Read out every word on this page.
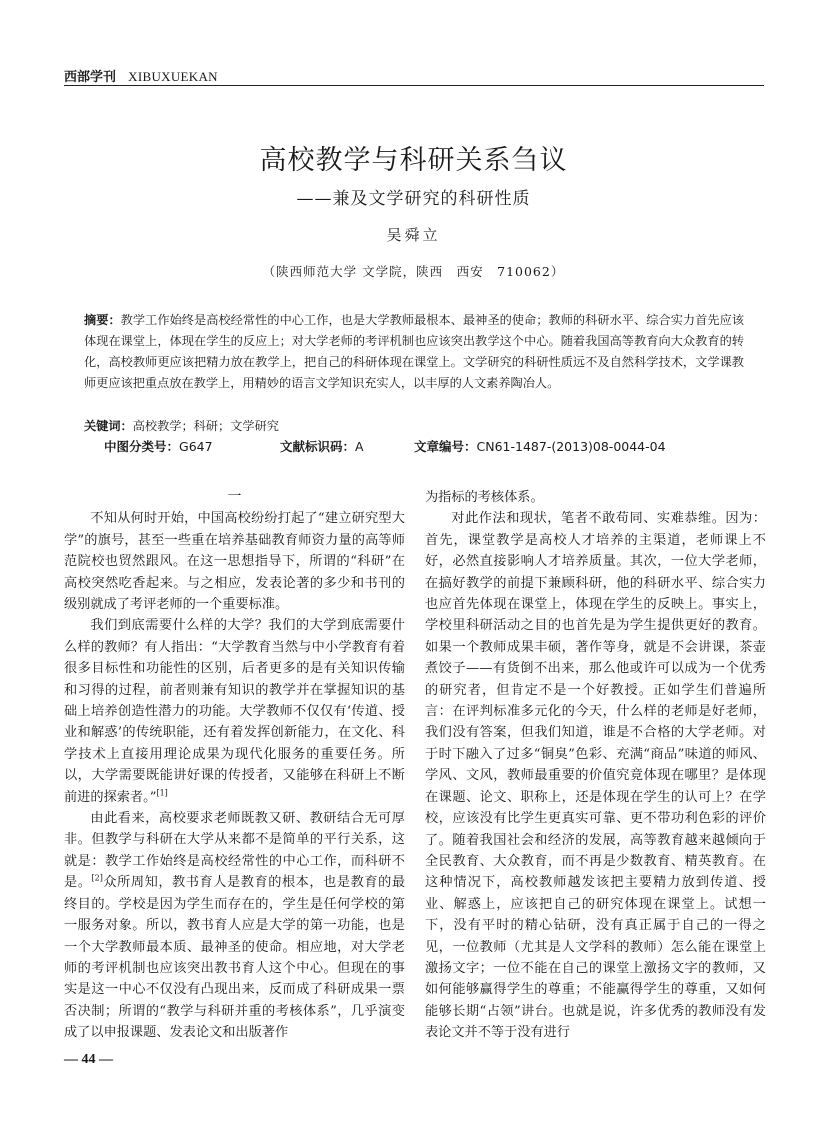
西部学刊 XIBUXUEKAN
高校教学与科研关系刍议
——兼及文学研究的科研性质
吴舜立
（陕西师范大学 文学院，陕西　西安　710062）
摘要：教学工作始终是高校经常性的中心工作，也是大学教师最根本、最神圣的使命；教师的科研水平、综合实力首先应该体现在课堂上，体现在学生的反应上；对大学老师的考评机制也应该突出教学这个中心。随着我国高等教育向大众教育的转化，高校教师更应该把精力放在教学上，把自己的科研体现在课堂上。文学研究的科研性质远不及自然科学技术，文学课教师更应该把重点放在教学上，用精妙的语言文学知识充实人，以丰厚的人文素养陶冶人。
关键词：高校教学；科研；文学研究
中图分类号：G647	文献标识码：A	文章编号：CN61-1487-(2013)08-0044-04
一

不知从何时开始，中国高校纷纷打起了“建立研究型大学”的旗号，甚至一些重在培养基础教育师资力量的高等师范院校也贸然跟风。在这一思想指导下，所谓的“科研”在高校突然吃香起来。与之相应，发表论著的多少和书刊的级别就成了考评老师的一个重要标准。

我们到底需要什么样的大学？我们的大学到底需要什么样的教师？有人指出：“大学教育当然与中小学教育有着很多目标性和功能性的区别，后者更多的是有关知识传输和习得的过程，前者则兼有知识的教学并在掌握知识的基础上培养创造性潜力的功能。大学教师不仅仅有‘传道、授业和解惑’的传统职能，还有着发挥创新能力，在文化、科学技术上直接用理论成果为现代化服务的重要任务。所以，大学需要既能讲好课的传授者，又能够在科研上不断前进的探索者。”[1]

由此看来，高校要求老师既教又研、教研结合无可厚非。但教学与科研在大学从来都不是简单的平行关系，这就是：教学工作始终是高校经常性的中心工作，而科研不是。[2]众所周知，教书育人是教育的根本，也是教育的最终目的。学校是因为学生而存在的，学生是任何学校的第一服务对象。所以，教书育人应是大学的第一功能，也是一个大学教师最本质、最神圣的使命。相应地，对大学老师的考评机制也应该突出教书育人这个中心。但现在的事实是这一中心不仅没有凸现出来，反而成了科研成果一票否决制；所谓的“教学与科研并重的考核体系”，几乎演变成了以申报课题、发表论文和出版著作

为指标的考核体系。

对此作法和现状，笔者不敢苟同、实难恭维。因为：首先，课堂教学是高校人才培养的主渠道，老师课上不好，必然直接影响人才培养质量。其次，一位大学老师，在搞好教学的前提下兼顾科研，他的科研水平、综合实力也应首先体现在课堂上，体现在学生的反映上。事实上，学校里科研活动之目的也首先是为学生提供更好的教育。如果一个教师成果丰硕，著作等身，就是不会讲课，茶壶煮饺子——有货倒不出来，那么他或许可以成为一个优秀的研究者，但肯定不是一个好教授。正如学生们普遍所言：在评判标准多元化的今天，什么样的老师是好老师，我们没有答案，但我们知道，谁是不合格的大学老师。对于时下融入了过多“铜臭”色彩、充满“商品”味道的师风、学风、文风，教师最重要的价值究竟体现在哪里？是体现在课题、论文、职称上，还是体现在学生的认可上？在学校，应该没有比学生更真实可靠、更不带功利色彩的评价了。随着我国社会和经济的发展，高等教育越来越倾向于全民教育、大众教育，而不再是少数教育、精英教育。在这种情况下，高校教师越发该把主要精力放到传道、授业、解惑上，应该把自己的研究体现在课堂上。试想一下，没有平时的精心钻研，没有真正属于自己的一得之见，一位教师（尤其是人文学科的教师）怎么能在课堂上激扬文字；一位不能在自己的课堂上激扬文字的教师，又如何能够赢得学生的尊重；不能赢得学生的尊重，又如何能够长期“占领”讲台。也就是说，许多优秀的教师没有发表论文并不等于没有进行

— 44 —
